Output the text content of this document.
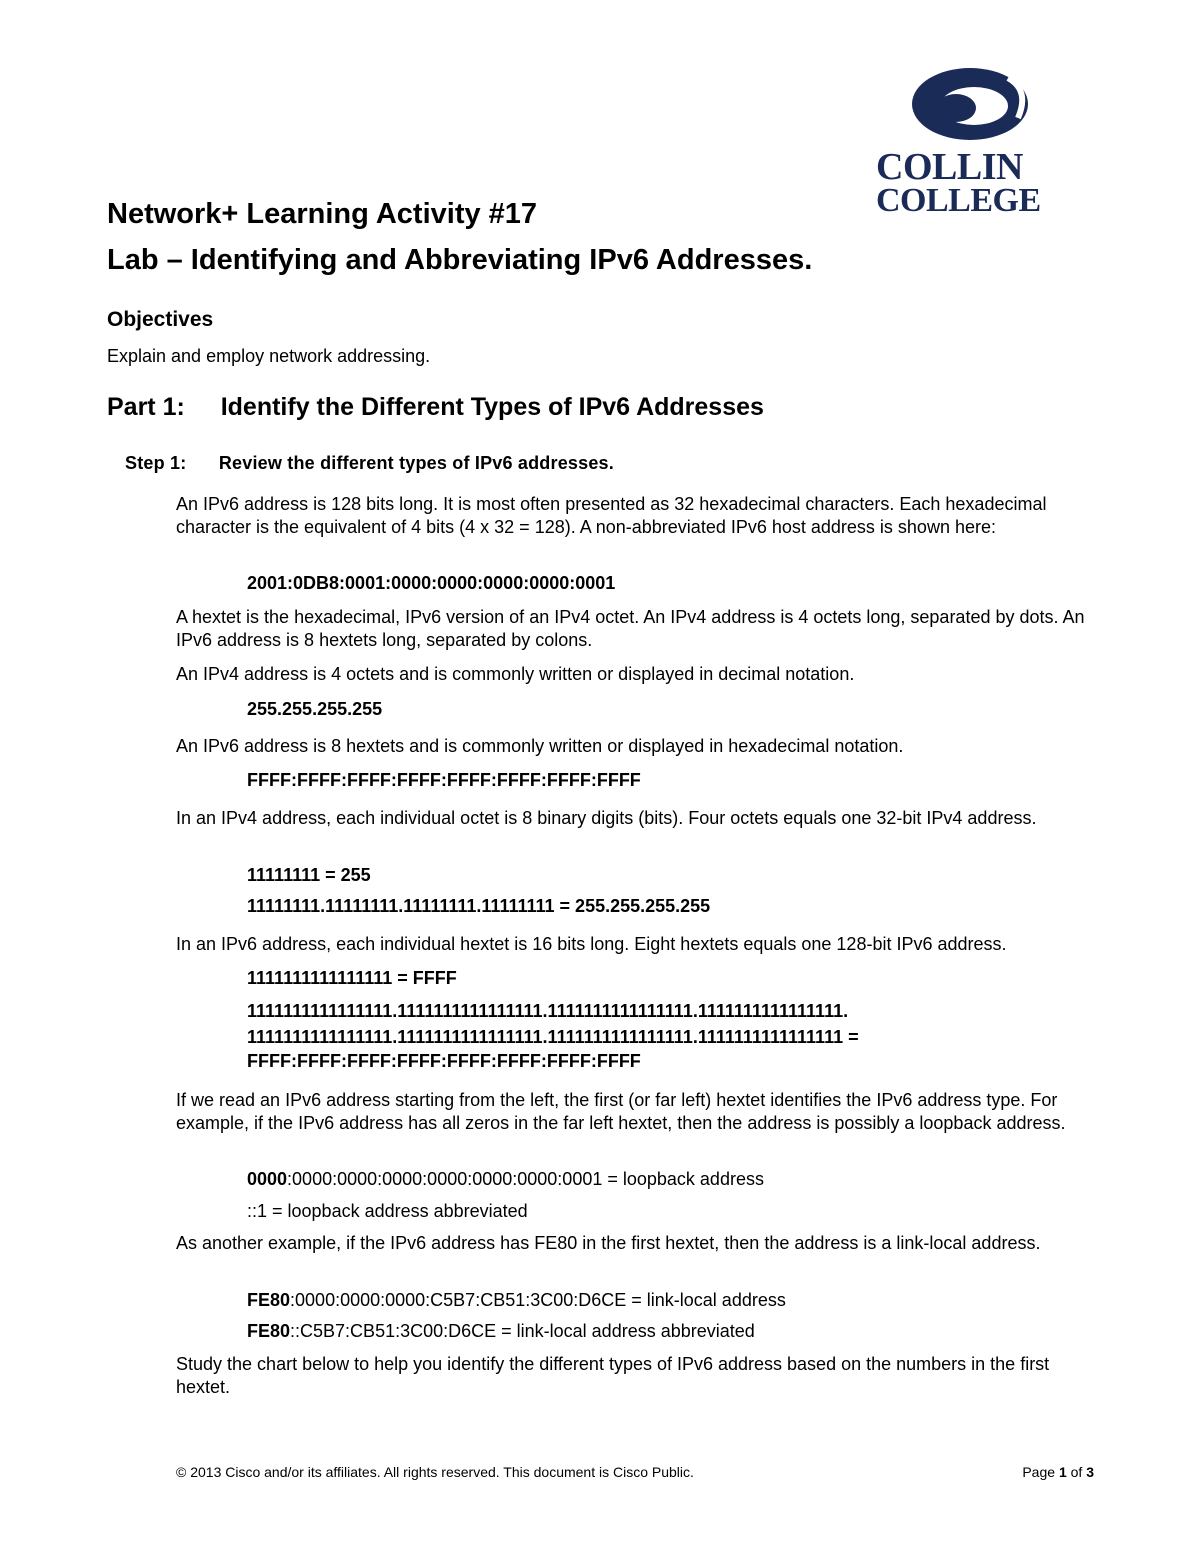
COLLIN
COLLEGE
Network+ Learning Activity #17
Lab – Identifying and Abbreviating IPv6 Addresses.
Objectives
Explain and employ network addressing.
Part 1: Identify the Different Types of IPv6 Addresses
Step 1: Review the different types of IPv6 addresses.
An IPv6 address is 128 bits long. It is most often presented as 32 hexadecimal characters. Each hexadecimal character is the equivalent of 4 bits (4 x 32 = 128). A non-abbreviated IPv6 host address is shown here:
2001:0DB8:0001:0000:0000:0000:0000:0001
A hextet is the hexadecimal, IPv6 version of an IPv4 octet. An IPv4 address is 4 octets long, separated by dots. An IPv6 address is 8 hextets long, separated by colons.
An IPv4 address is 4 octets and is commonly written or displayed in decimal notation.
255.255.255.255
An IPv6 address is 8 hextets and is commonly written or displayed in hexadecimal notation.
FFFF:FFFF:FFFF:FFFF:FFFF:FFFF:FFFF:FFFF
In an IPv4 address, each individual octet is 8 binary digits (bits). Four octets equals one 32-bit IPv4 address.
11111111 = 255
11111111.11111111.11111111.11111111 = 255.255.255.255
In an IPv6 address, each individual hextet is 16 bits long. Eight hextets equals one 128-bit IPv6 address.
1111111111111111 = FFFF
1111111111111111.1111111111111111.1111111111111111.1111111111111111.
1111111111111111.1111111111111111.1111111111111111.1111111111111111 =
FFFF:FFFF:FFFF:FFFF:FFFF:FFFF:FFFF:FFFF
If we read an IPv6 address starting from the left, the first (or far left) hextet identifies the IPv6 address type. For example, if the IPv6 address has all zeros in the far left hextet, then the address is possibly a loopback address.
0000:0000:0000:0000:0000:0000:0000:0001 = loopback address
::1 = loopback address abbreviated
As another example, if the IPv6 address has FE80 in the first hextet, then the address is a link-local address.
FE80:0000:0000:0000:C5B7:CB51:3C00:D6CE = link-local address
FE80::C5B7:CB51:3C00:D6CE = link-local address abbreviated
Study the chart below to help you identify the different types of IPv6 address based on the numbers in the first hextet.
© 2013 Cisco and/or its affiliates. All rights reserved. This document is Cisco Public.	Page 1 of 3
